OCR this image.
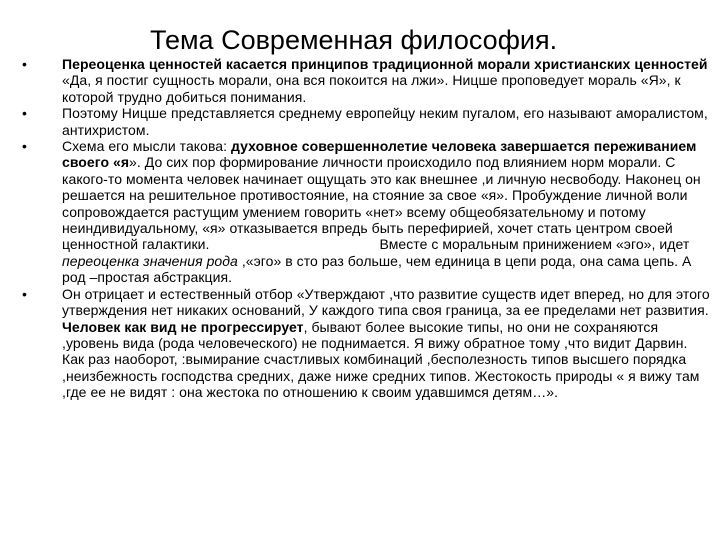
Тема Современная философия.
•	Переоценка ценностей касается принципов традиционной морали христианских ценностей «Да, я постиг сущность морали, она вся покоится на лжи». Ницше проповедует мораль «Я», к которой трудно добиться понимания.
•	Поэтому Ницше представляется среднему европейцу неким пугалом, его называют аморалистом, антихристом.
•	Схема его мысли такова: духовное совершеннолетие человека завершается переживанием своего «я». До сих пор формирование личности происходило под влиянием норм морали. С какого-то момента человек начинает ощущать это как внешнее ,и личную несвободу. Наконец он решается на решительное противостояние, на стояние за свое «я». Пробуждение личной воли сопровождается растущим умением говорить «нет» всему общеобязательному и потому неиндивидуальному, «я» отказывается впредь быть перефирией, хочет стать центром своей ценностной галактики.	Вместе с моральным принижением «эго», идет переоценка значения рода ,«эго» в сто раз больше, чем единица в цепи рода, она сама цепь. А род –простая абстракция.
•	Он отрицает и естественный отбор «Утверждают ,что развитие существ идет вперед, но для этого утверждения нет никаких оснований, У каждого типа своя граница, за ее пределами нет развития. Человек как вид не прогрессирует, бывают более высокие типы, но они не сохраняются ,уровень вида (рода человеческого) не поднимается. Я вижу обратное тому ,что видит Дарвин. Как раз наоборот, :вымирание счастливых комбинаций ,бесполезность типов высшего порядка ,неизбежность господства средних, даже ниже средних типов. Жестокость природы « я вижу там ,где ее не видят : она жестока по отношению к своим удавшимся детям…».
